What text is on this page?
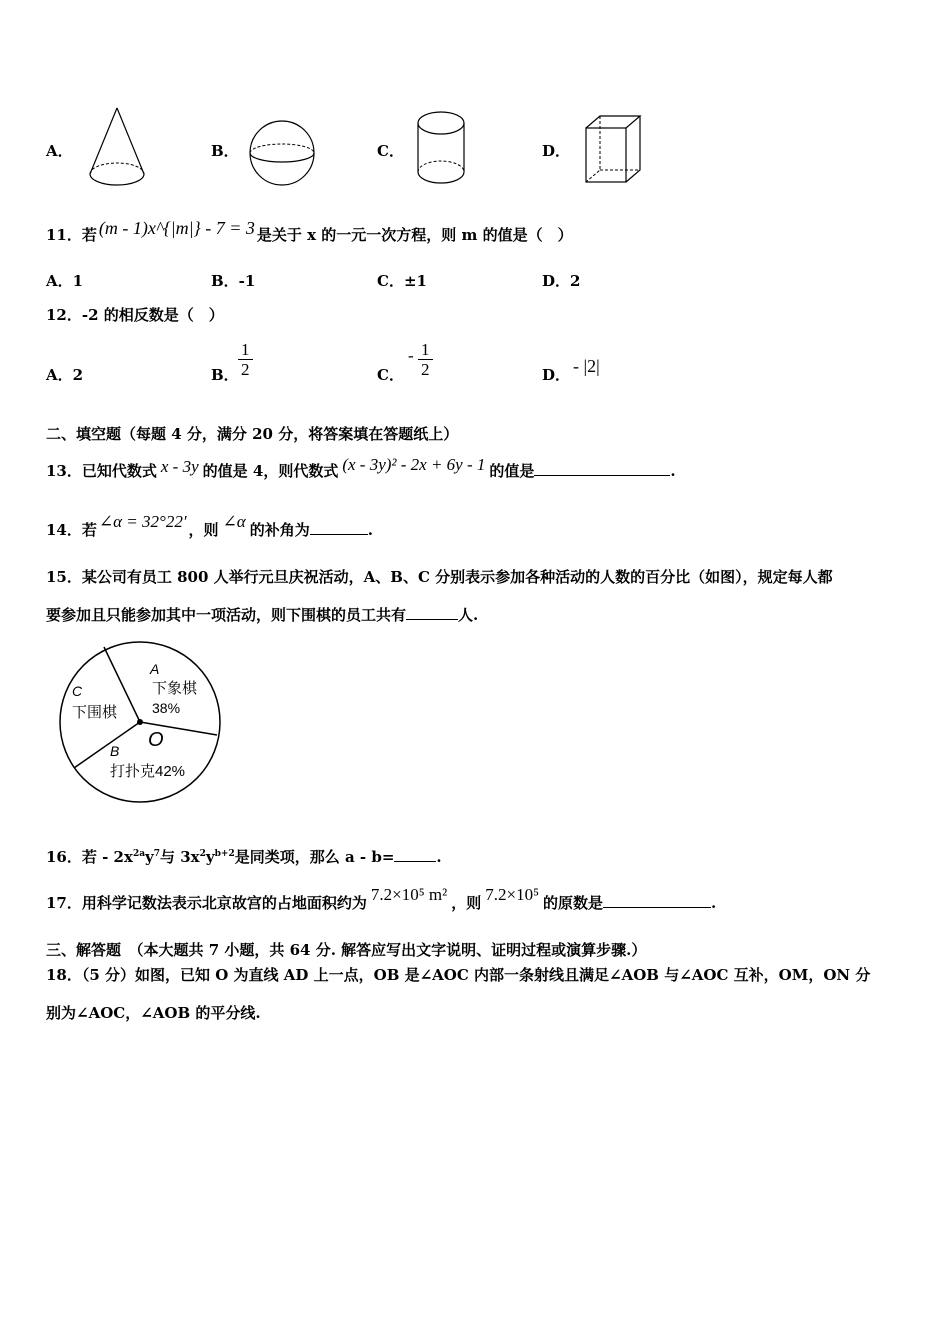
A．	B．	C．	D．
11．若 (m - 1)x^{|m|} - 7 = 3 是关于 x 的一元一次方程，则 m 的值是（　）
A．1	B．-1	C．±1	D．2
12．-2 的相反数是（　）
A．2	B． $\frac{1}{2}$	C．
- $\frac{1}{2}$	D． - |2|
二、填空题（每题 4 分，满分 20 分，将答案填在答题纸上）
13．已知代数式 x - 3y 的值是 4，则代数式 (x - 3y)² - 2x + 6y - 1 的值是	.
14．若 ∠α = 32°22′ ，则 ∠α 的补角为	.
15．某公司有员工 800 人举行元旦庆祝活动，A、B、C 分别表示参加各种活动的人数的百分比（如图），规定每人都
要参加且只能参加其中一项活动，则下围棋的员工共有	人.
O
A
下象棋
38%
C
下围棋
B
打扑克42%
16．若 - $2x^{2a}y^7$与 $3x^2y^{b+2}$是同类项，那么 a - b=	.
17．用科学记数法表示北京故宫的占地面积约为 7.2×10⁵ m² ，则 7.2×10⁵ 的原数是	.
三、解答题　（本大题共 7 小题，共 64 分. 解答应写出文字说明、证明过程或演算步骤.）
18．（5 分）如图，已知 O 为直线 AD 上一点，OB 是∠AOC 内部一条射线且满足∠AOB 与∠AOC 互补，OM，ON 分
别为∠AOC，∠AOB 的平分线.
